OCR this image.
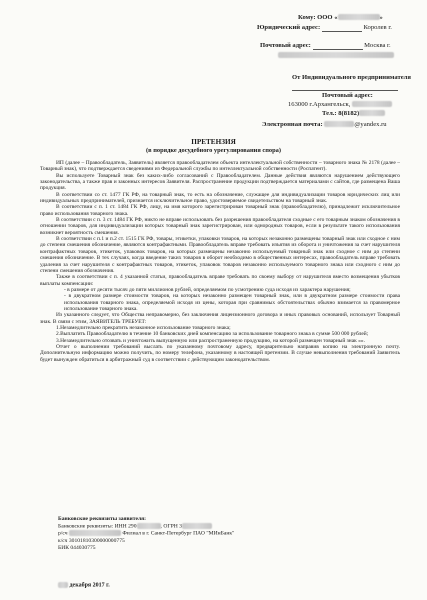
Кому: ООО «	»
Юридический адрес:	Королев г.
Почтовый адрес:	Москва г.
От Индивидуального предпринимателя
Почтовый адрес:
163000 г.Архангельск,
Тел.: 8(8182)
Электронная почта:	@yandex.ru
ПРЕТЕНЗИЯ
(в порядке досудебного урегулирования спора)

ИП (далее – Правообладатель, Заявитель) является правообладателем объекта интеллектуальной собственности – товарного знака № 2178 (далее – Товарный знак), что подтверждается сведениями из Федеральной службы по интеллектуальной собственности (Роспатент).

Вы используете Товарный знак без каких-либо согласований с Правообладателем. Данные действия являются нарушением действующего законодательства, а также прав и законных интересов Заявителя. Распространение продукции подтверждается материалами с сайтов, где размещена Ваша продукция.

В соответствии со ст. 1477 ГК РФ, на товарный знак, то есть на обозначение, служащее для индивидуализации товаров юридических лиц или индивидуальных предпринимателей, признается исключительное право, удостоверяемое свидетельством на товарный знак.

В соответствии с п. 1 ст. 1484 ГК РФ, лицу, на имя которого зарегистрирован товарный знак (правообладателю), принадлежит исключительное право использования товарного знака.

В соответствии с п. 3 ст. 1484 ГК РФ, никто не вправе использовать без разрешения правообладателя сходные с его товарным знаком обозначения в отношении товаров, для индивидуализации которых товарный знак зарегистрирован, или однородных товаров, если в результате такого использования возникнет вероятность смешения.

В соответствии с п.1 и п.2 ст. 1515 ГК РФ, товары, этикетки, упаковки товаров, на которых незаконно размещены товарный знак или сходное с ним до степени смешения обозначение, являются контрафактными. Правообладатель вправе требовать изъятия из оборота и уничтожения за счет нарушителя контрафактных товаров, этикеток, упаковок товаров, на которых размещены незаконно используемый товарный знак или сходное с ним до степени смешения обозначение. В тех случаях, когда введение таких товаров в оборот необходимо в общественных интересах, правообладатель вправе требовать удаления за счет нарушителя с контрафактных товаров, этикеток, упаковок товаров незаконно используемого товарного знака или сходного с ним до степени смешения обозначения.

Также в соответствии с п. 4 указанной статьи, правообладатель вправе требовать по своему выбору от нарушителя вместо возмещения убытков выплаты компенсации:

- в размере от десяти тысяч до пяти миллионов рублей, определяемом по усмотрению суда исходя из характера нарушения;

- в двукратном размере стоимости товаров, на которых незаконно размещен товарный знак, или в двукратном размере стоимости права использования товарного знака, определяемой исходя из цены, которая при сравнимых обстоятельствах обычно взимается за правомерное использование товарного знака.

Из указанного следует, что Общества неправомерно, без заключения лицензионного договора и иных правовых оснований, использует Товарный знак. В связи с этим, ЗАЯВИТЕЛЬ ТРЕБУЕТ:

1.Незамедлительно прекратить незаконное использование товарного знака;

2.Выплатить Правообладателю в течение 10 банковских дней компенсацию за использование товарного знака в сумме 500 000 рублей;

3.Незамедлительно отозвать и уничтожить выпущенную или распространенную продукцию, на которой размещен товарный знак «».

Отчет о выполнении требований выслать по указанному почтовому адресу, предварительно направив копию на электронную почту. Дополнительную информацию можно получить, по номеру телефона, указанному в настоящей претензии. В случае невыполнения требований Заявитель будет вынужден обратиться в арбитражный суд в соответствии с действующим законодательством.

Банковские реквизиты заявителя:
Банковские реквизиты: ИНН 290	, ОГРН 3
р/сч	Филиал в г. Санкт-Петербург ПАО "МИнБанк"
к/сч 30101810300000000775
БИК 044030775
декабря 2017 г.
